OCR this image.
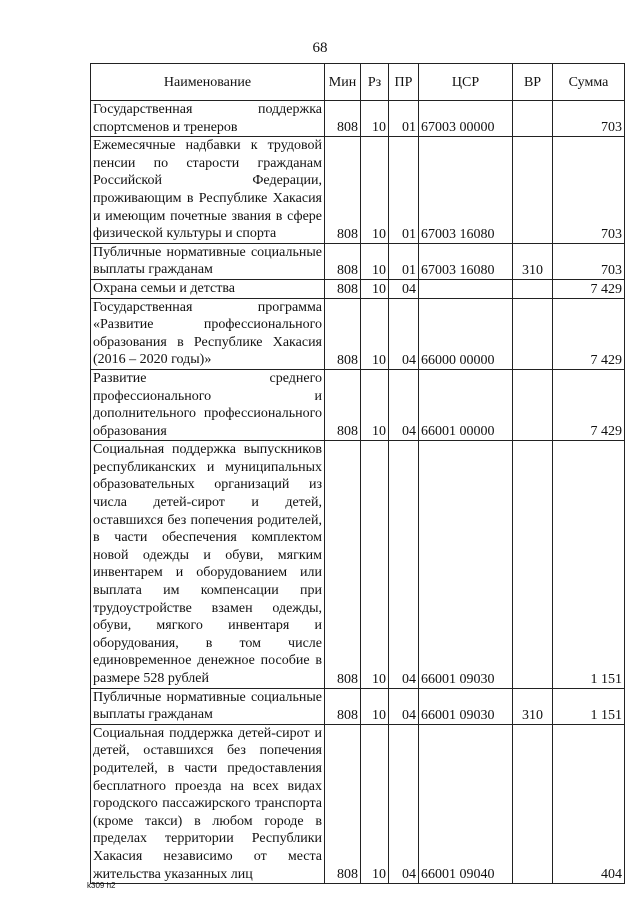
68
Наименование	Мин	Рз	ПР	ЦСР	ВР	Сумма
Государственная поддержка спортсменов и тренеров	808	10	01	67003 00000		703
Ежемесячные надбавки к трудовой пенсии по старости гражданам Российской Федерации, проживающим в Республике Хакасия и имеющим почетные звания в сфере физической культуры и спорта	808	10	01	67003 16080		703
Публичные нормативные социальные выплаты гражданам	808	10	01	67003 16080	310	703
Охрана семьи и детства	808	10	04			7 429
Государственная программа «Развитие профессионального образования в Республике Хакасия (2016 – 2020 годы)»	808	10	04	66000 00000		7 429
Развитие среднего профессионального и дополнительного профессионального образования	808	10	04	66001 00000		7 429
Социальная поддержка выпускников республиканских и муниципальных образовательных организаций из числа детей-сирот и детей, оставшихся без попечения родителей, в части обеспечения комплектом новой одежды и обуви, мягким инвентарем и оборудованием или выплата им компенсации при трудоустройстве взамен одежды, обуви, мягкого инвентаря и оборудования, в том числе единовременное денежное пособие в размере 528 рублей	808	10	04	66001 09030		1 151
Публичные нормативные социальные выплаты гражданам	808	10	04	66001 09030	310	1 151
Социальная поддержка детей-сирот и детей, оставшихся без попечения родителей, в части предоставления бесплатного проезда на всех видах городского пассажирского транспорта (кроме такси) в любом городе в пределах территории Республики Хакасия независимо от места жительства указанных лиц	808	10	04	66001 09040		404
k309 h2
